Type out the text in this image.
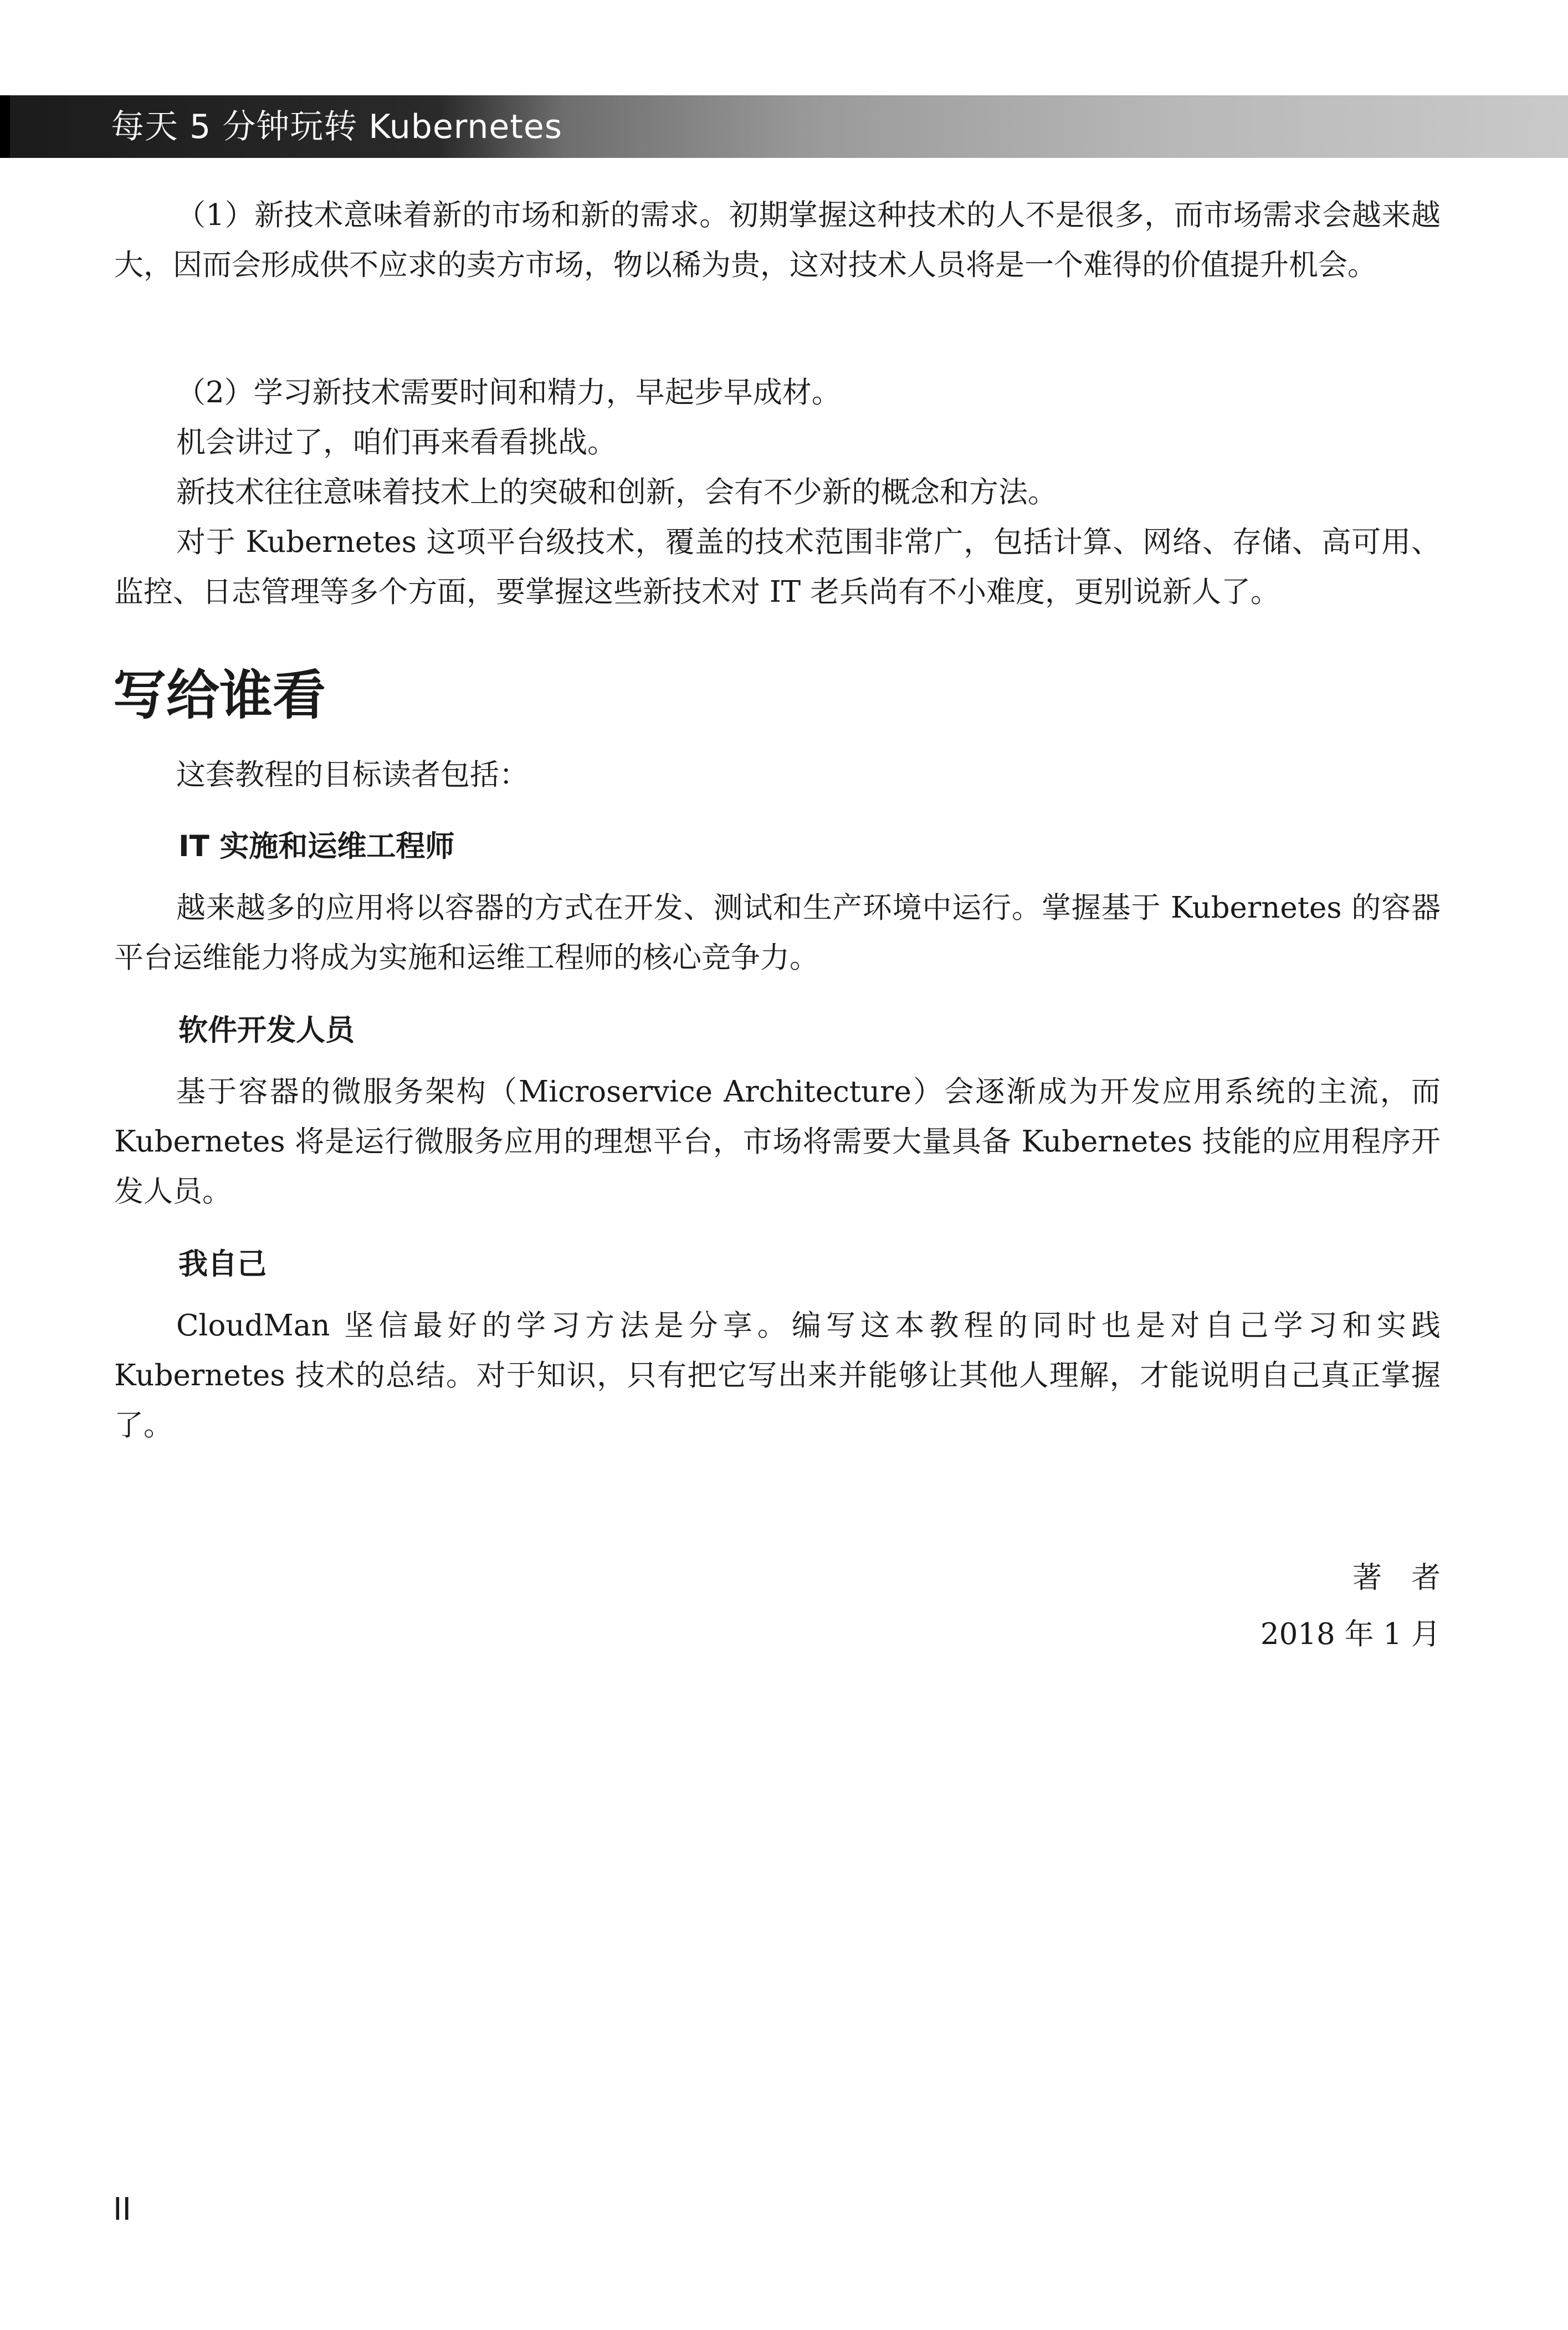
每天 5 分钟玩转 Kubernetes

（1）新技术意味着新的市场和新的需求。初期掌握这种技术的人不是很多，而市场需求会越来越大，因而会形成供不应求的卖方市场，物以稀为贵，这对技术人员将是一个难得的价值提升机会。

（2）学习新技术需要时间和精力，早起步早成材。

机会讲过了，咱们再来看看挑战。

新技术往往意味着技术上的突破和创新，会有不少新的概念和方法。

对于 Kubernetes 这项平台级技术，覆盖的技术范围非常广，包括计算、网络、存储、高可用、监控、日志管理等多个方面，要掌握这些新技术对 IT 老兵尚有不小难度，更别说新人了。

写给谁看

这套教程的目标读者包括：

IT 实施和运维工程师

越来越多的应用将以容器的方式在开发、测试和生产环境中运行。掌握基于 Kubernetes 的容器平台运维能力将成为实施和运维工程师的核心竞争力。

软件开发人员

基于容器的微服务架构（Microservice Architecture）会逐渐成为开发应用系统的主流，而 Kubernetes 将是运行微服务应用的理想平台，市场将需要大量具备 Kubernetes 技能的应用程序开发人员。

我自己

CloudMan 坚信最好的学习方法是分享。编写这本教程的同时也是对自己学习和实践 Kubernetes 技术的总结。对于知识，只有把它写出来并能够让其他人理解，才能说明自己真正掌握了。

著　者
2018 年 1 月
II
